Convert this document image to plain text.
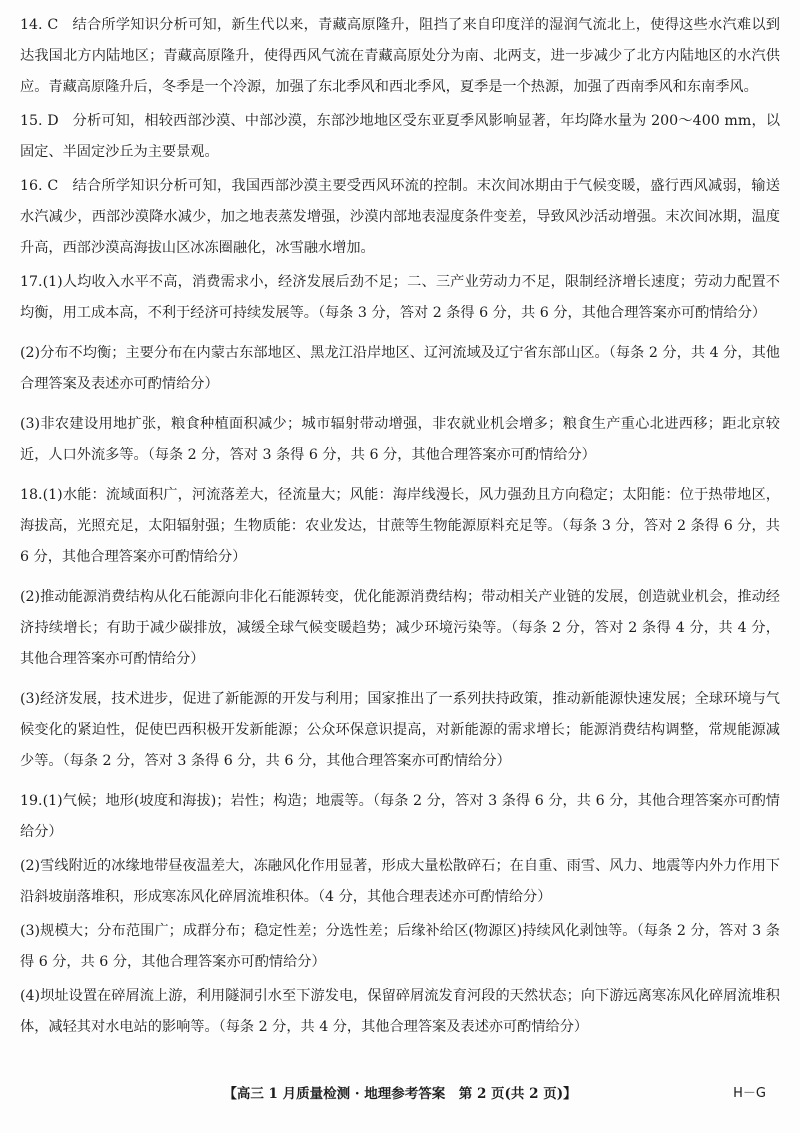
14. C 结合所学知识分析可知，新生代以来，青藏高原隆升，阻挡了来自印度洋的湿润气流北上，使得这些水汽难以到达我国北方内陆地区；青藏高原隆升，使得西风气流在青藏高原处分为南、北两支，进一步减少了北方内陆地区的水汽供应。青藏高原隆升后，冬季是一个冷源，加强了东北季风和西北季风，夏季是一个热源，加强了西南季风和东南季风。

15. D 分析可知，相较西部沙漠、中部沙漠，东部沙地地区受东亚夏季风影响显著，年均降水量为 200～400 mm，以固定、半固定沙丘为主要景观。

16. C 结合所学知识分析可知，我国西部沙漠主要受西风环流的控制。末次间冰期由于气候变暖，盛行西风减弱，输送水汽减少，西部沙漠降水减少，加之地表蒸发增强，沙漠内部地表湿度条件变差，导致风沙活动增强。末次间冰期，温度升高，西部沙漠高海拔山区冰冻圈融化，冰雪融水增加。

17.(1)人均收入水平不高，消费需求小，经济发展后劲不足；二、三产业劳动力不足，限制经济增长速度；劳动力配置不均衡，用工成本高，不利于经济可持续发展等。（每条 3 分，答对 2 条得 6 分，共 6 分，其他合理答案亦可酌情给分）

(2)分布不均衡；主要分布在内蒙古东部地区、黑龙江沿岸地区、辽河流域及辽宁省东部山区。（每条 2 分，共 4 分，其他合理答案及表述亦可酌情给分）

(3)非农建设用地扩张，粮食种植面积减少；城市辐射带动增强，非农就业机会增多；粮食生产重心北进西移；距北京较近，人口外流多等。（每条 2 分，答对 3 条得 6 分，共 6 分，其他合理答案亦可酌情给分）

18.(1)水能：流域面积广，河流落差大，径流量大；风能：海岸线漫长，风力强劲且方向稳定；太阳能：位于热带地区，海拔高，光照充足，太阳辐射强；生物质能：农业发达，甘蔗等生物能源原料充足等。（每条 3 分，答对 2 条得 6 分，共 6 分，其他合理答案亦可酌情给分）

(2)推动能源消费结构从化石能源向非化石能源转变，优化能源消费结构；带动相关产业链的发展，创造就业机会，推动经济持续增长；有助于减少碳排放，减缓全球气候变暖趋势；减少环境污染等。（每条 2 分，答对 2 条得 4 分，共 4 分，其他合理答案亦可酌情给分）

(3)经济发展，技术进步，促进了新能源的开发与利用；国家推出了一系列扶持政策，推动新能源快速发展；全球环境与气候变化的紧迫性，促使巴西积极开发新能源；公众环保意识提高，对新能源的需求增长；能源消费结构调整，常规能源减少等。（每条 2 分，答对 3 条得 6 分，共 6 分，其他合理答案亦可酌情给分）

19.(1)气候；地形(坡度和海拔)；岩性；构造；地震等。（每条 2 分，答对 3 条得 6 分，共 6 分，其他合理答案亦可酌情给分）

(2)雪线附近的冰缘地带昼夜温差大，冻融风化作用显著，形成大量松散碎石；在自重、雨雪、风力、地震等内外力作用下沿斜坡崩落堆积，形成寒冻风化碎屑流堆积体。（4 分，其他合理表述亦可酌情给分）

(3)规模大；分布范围广；成群分布；稳定性差；分选性差；后缘补给区(物源区)持续风化剥蚀等。（每条 2 分，答对 3 条得 6 分，共 6 分，其他合理答案亦可酌情给分）

(4)坝址设置在碎屑流上游，利用隧洞引水至下游发电，保留碎屑流发育河段的天然状态；向下游远离寒冻风化碎屑流堆积体，减轻其对水电站的影响等。（每条 2 分，共 4 分，其他合理答案及表述亦可酌情给分）

【高三 1 月质量检测 · 地理参考答案　第 2 页(共 2 页)】	H－G
